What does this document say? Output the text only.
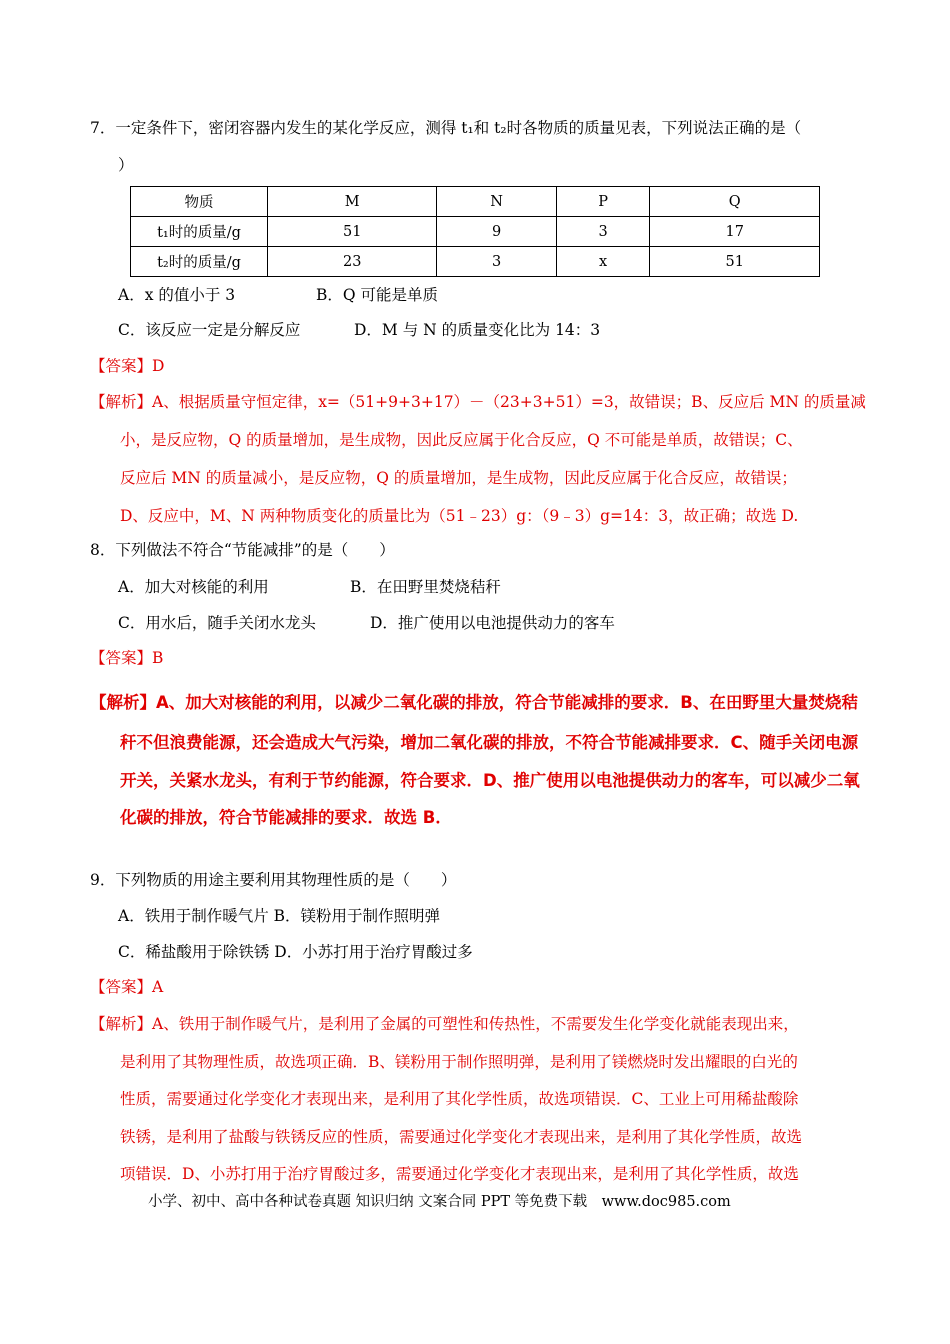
7．一定条件下，密闭容器内发生的某化学反应，测得 t₁和 t₂时各物质的质量见表，下列说法正确的是（
）
物质	M	N	P	Q
t₁时的质量/g	51	9	3	17
t₂时的质量/g	23	3	x	51
A．x 的值小于 3	B．Q 可能是单质
C．该反应一定是分解反应	D．M 与 N 的质量变化比为 14：3
【答案】D
【解析】A、根据质量守恒定律，x=（51+9+3+17）－（23+3+51）=3，故错误；B、反应后 MN 的质量减
小，是反应物，Q 的质量增加，是生成物，因此反应属于化合反应，Q 不可能是单质，故错误；C、
反应后 MN 的质量减小，是反应物，Q 的质量增加，是生成物，因此反应属于化合反应，故错误；
D、反应中，M、N 两种物质变化的质量比为（51﹣23）g：（9﹣3）g=14：3，故正确；故选 D.
8．下列做法不符合“节能减排”的是（　　）
A．加大对核能的利用	B．在田野里焚烧秸秆
C．用水后，随手关闭水龙头	D．推广使用以电池提供动力的客车
【答案】B
【解析】A、加大对核能的利用，以减少二氧化碳的排放，符合节能减排的要求．B、在田野里大量焚烧秸
秆不但浪费能源，还会造成大气污染，增加二氧化碳的排放，不符合节能减排要求．C、随手关闭电源
开关，关紧水龙头，有利于节约能源，符合要求．D、推广使用以电池提供动力的客车，可以减少二氧
化碳的排放，符合节能减排的要求．故选 B．
9．下列物质的用途主要利用其物理性质的是（　　）
A．铁用于制作暖气片 B．镁粉用于制作照明弹
C．稀盐酸用于除铁锈 D．小苏打用于治疗胃酸过多
【答案】A
【解析】A、铁用于制作暖气片，是利用了金属的可塑性和传热性，不需要发生化学变化就能表现出来，
是利用了其物理性质，故选项正确．B、镁粉用于制作照明弹，是利用了镁燃烧时发出耀眼的白光的
性质，需要通过化学变化才表现出来，是利用了其化学性质，故选项错误．C、工业上可用稀盐酸除
铁锈，是利用了盐酸与铁锈反应的性质，需要通过化学变化才表现出来，是利用了其化学性质，故选
项错误．D、小苏打用于治疗胃酸过多，需要通过化学变化才表现出来，是利用了其化学性质，故选
小学、初中、高中各种试卷真题 知识归纳 文案合同 PPT 等免费下载　www.doc985.com
